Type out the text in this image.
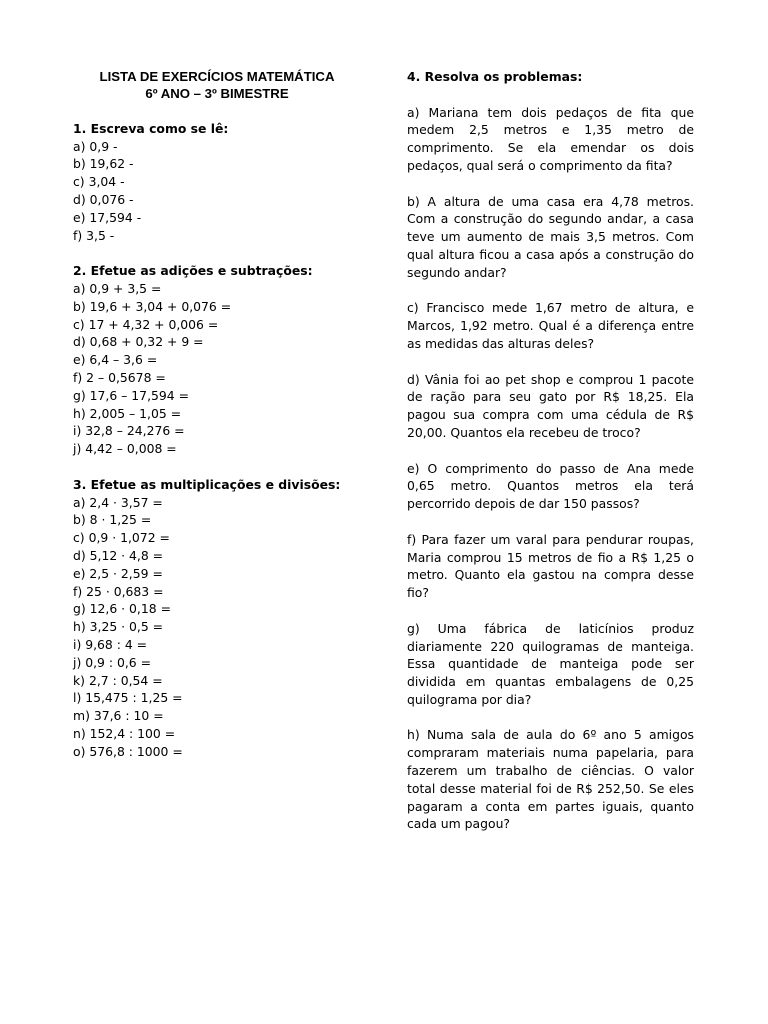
LISTA DE EXERCÍCIOS MATEMÁTICA
6º ANO – 3º BIMESTRE

1. Escreva como se lê:

a) 0,9 -

b) 19,62 -

c) 3,04 -

d) 0,076 -

e) 17,594 -

f) 3,5 -

2. Efetue as adições e subtrações:

a) 0,9 + 3,5 =

b) 19,6 + 3,04 + 0,076 =

c) 17 + 4,32 + 0,006 =

d) 0,68 + 0,32 + 9 =

e) 6,4 – 3,6 =

f) 2 – 0,5678 =

g) 17,6 – 17,594 =

h) 2,005 – 1,05 =

i) 32,8 – 24,276 =

j) 4,42 – 0,008 =

3. Efetue as multiplicações e divisões:

a) 2,4 · 3,57 =

b) 8 · 1,25 =

c) 0,9 · 1,072 =

d) 5,12 · 4,8 =

e) 2,5 · 2,59 =

f) 25 · 0,683 =

g) 12,6 · 0,18 =

h) 3,25 · 0,5 =

i) 9,68 : 4 =

j) 0,9 : 0,6 =

k) 2,7 : 0,54 =

l) 15,475 : 1,25 =

m) 37,6 : 10 =

n) 152,4 : 100 =

o) 576,8 : 1000 =

4. Resolva os problemas:

a) Mariana tem dois pedaços de fita que medem 2,5 metros e 1,35 metro de comprimento. Se ela emendar os dois pedaços, qual será o comprimento da fita?

b) A altura de uma casa era 4,78 metros. Com a construção do segundo andar, a casa teve um aumento de mais 3,5 metros. Com qual altura ficou a casa após a construção do segundo andar?

c) Francisco mede 1,67 metro de altura, e Marcos, 1,92 metro. Qual é a diferença entre as medidas das alturas deles?

d) Vânia foi ao pet shop e comprou 1 pacote de ração para seu gato por R$ 18,25. Ela pagou sua compra com uma cédula de R$ 20,00. Quantos ela recebeu de troco?

e) O comprimento do passo de Ana mede 0,65 metro. Quantos metros ela terá percorrido depois de dar 150 passos?

f) Para fazer um varal para pendurar roupas, Maria comprou 15 metros de fio a R$ 1,25 o metro. Quanto ela gastou na compra desse fio?

g) Uma fábrica de laticínios produz diariamente 220 quilogramas de manteiga. Essa quantidade de manteiga pode ser dividida em quantas embalagens de 0,25 quilograma por dia?

h) Numa sala de aula do 6º ano 5 amigos compraram materiais numa papelaria, para fazerem um trabalho de ciências. O valor total desse material foi de R$ 252,50. Se eles pagaram a conta em partes iguais, quanto cada um pagou?
